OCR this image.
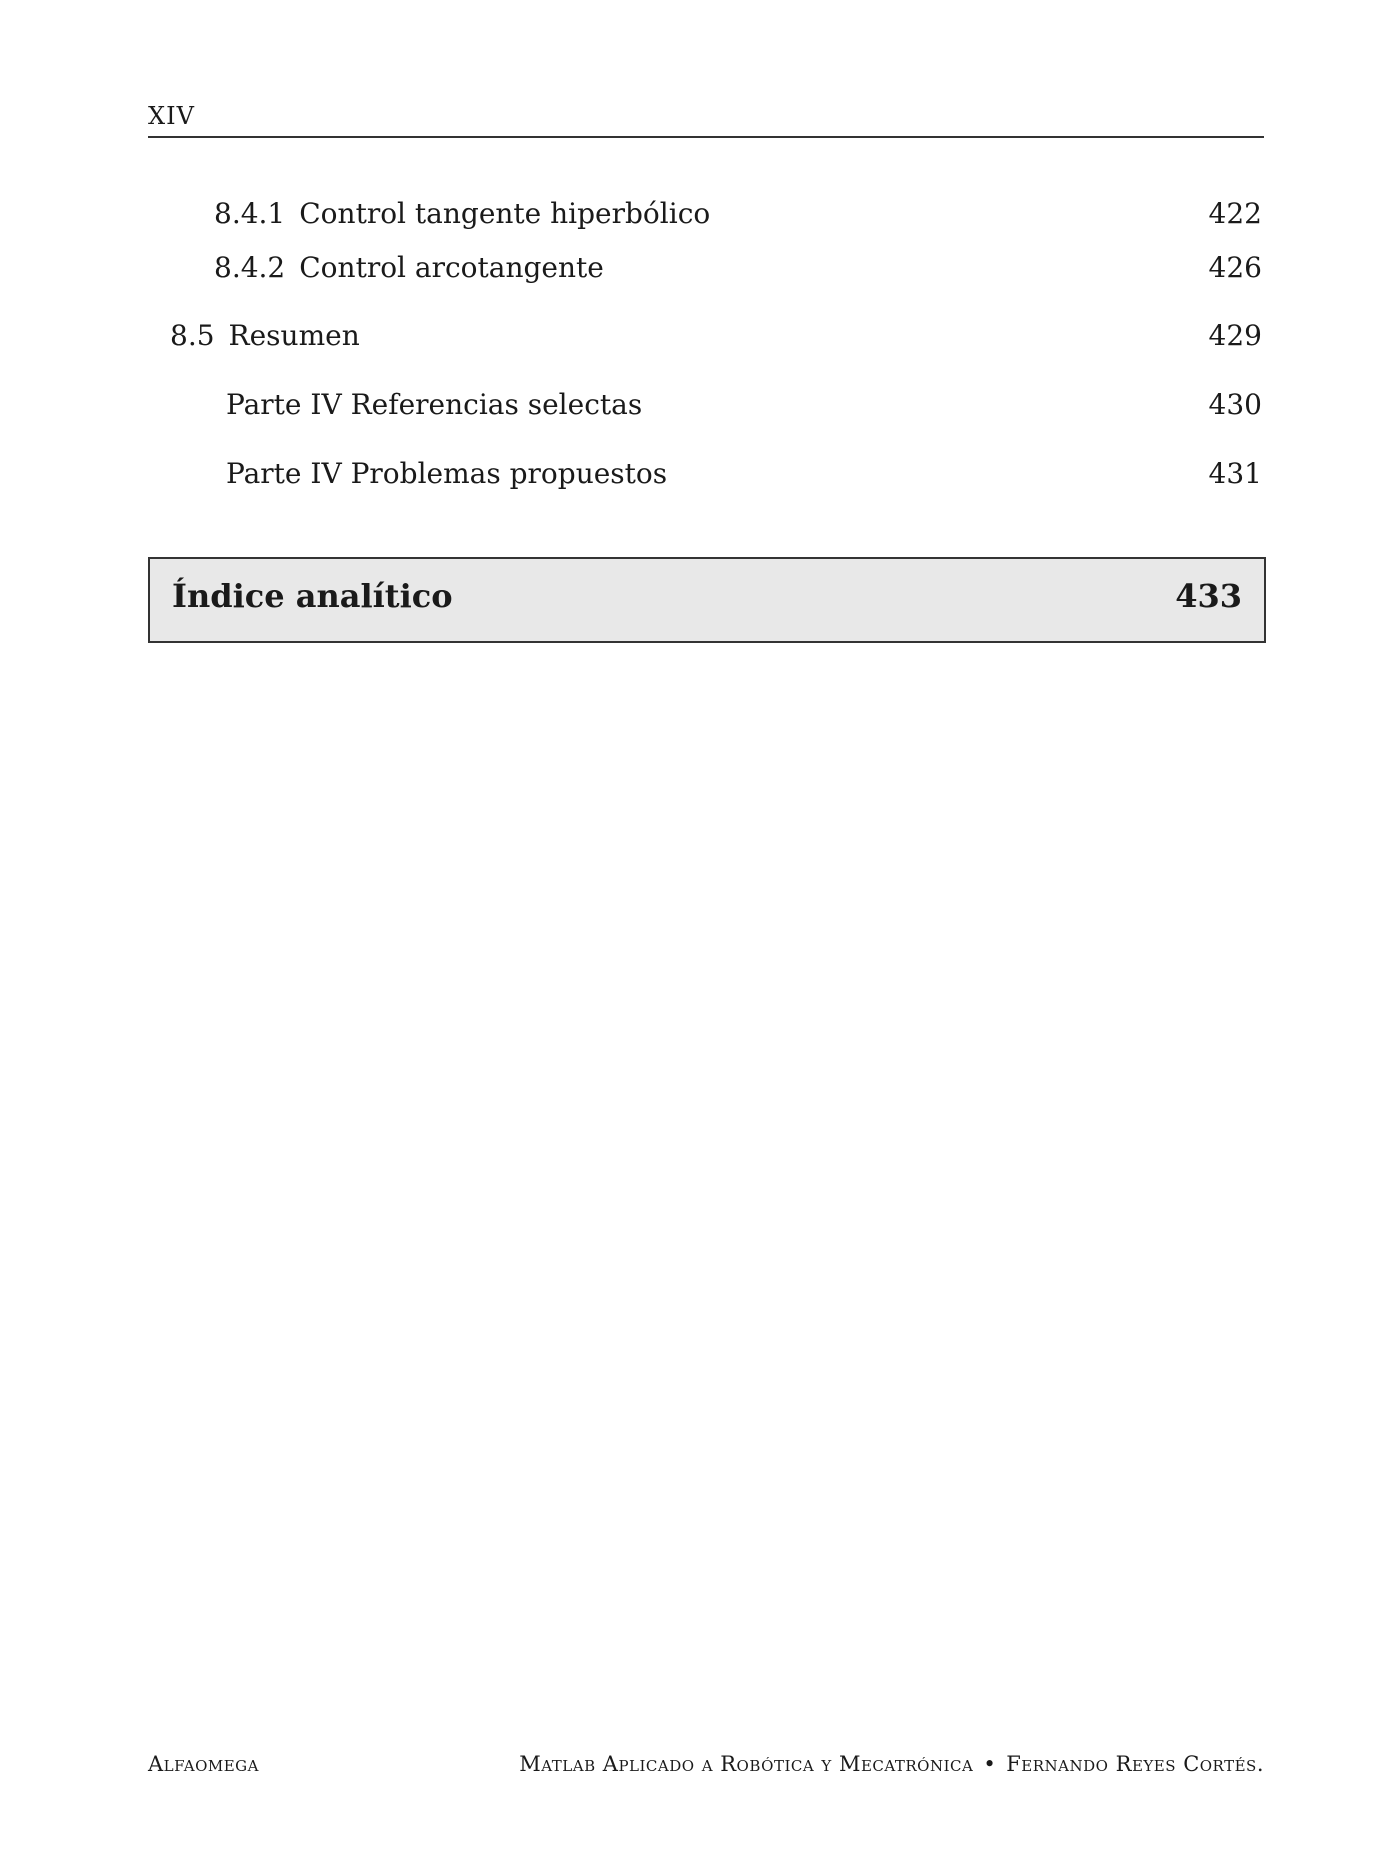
XIV
8.4.1 Control tangente hiperbólico	422
8.4.2 Control arcotangente	426
8.5 Resumen	429
Parte IV Referencias selectas	430
Parte IV Problemas propuestos	431
Índice analítico	433
Alfaomega	Matlab Aplicado a Robótica y Mecatrónica • Fernando Reyes Cortés.
